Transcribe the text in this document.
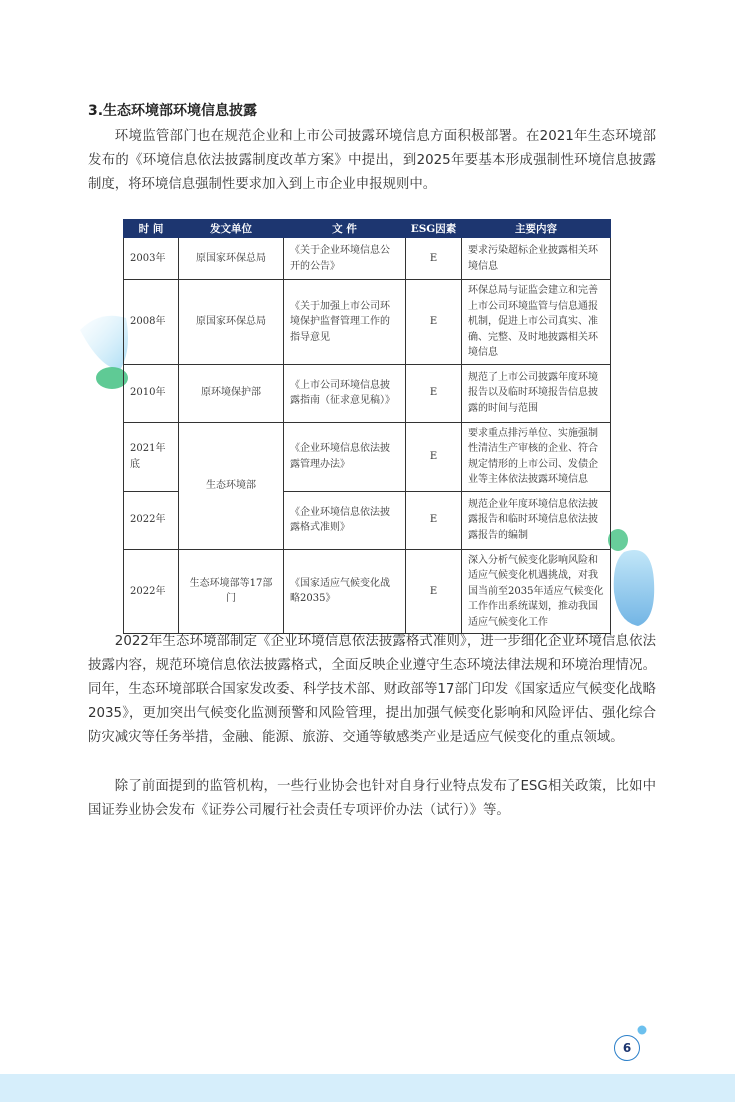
3.生态环境部环境信息披露

环境监管部门也在规范企业和上市公司披露环境信息方面积极部署。在2021年生态环境部发布的《环境信息依法披露制度改革方案》中提出，到2025年要基本形成强制性环境信息披露制度，将环境信息强制性要求加入到上市企业申报规则中。

时 间	发文单位	文 件	ESG因素	主要内容
2003年	原国家环保总局	《关于企业环境信息公开的公告》	E	要求污染超标企业披露相关环境信息
2008年	原国家环保总局	《关于加强上市公司环境保护监督管理工作的指导意见	E	环保总局与证监会建立和完善上市公司环境监管与信息通报机制，促进上市公司真实、准确、完整、及时地披露相关环境信息
2010年	原环境保护部	《上市公司环境信息披露指南（征求意见稿）》	E	规范了上市公司披露年度环境报告以及临时环境报告信息披露的时间与范围
2021年底	生态环境部	《企业环境信息依法披露管理办法》	E	要求重点排污单位、实施强制性清洁生产审核的企业、符合规定情形的上市公司、发债企业等主体依法披露环境信息
2022年		《企业环境信息依法披露格式准则》	E	规范企业年度环境信息依法披露报告和临时环境信息依法披露报告的编制
2022年	生态环境部等17部门	《国家适应气候变化战略2035》	E	深入分析气候变化影响风险和适应气候变化机遇挑战，对我国当前至2035年适应气候变化工作作出系统谋划，推动我国适应气候变化工作

2022年生态环境部制定《企业环境信息依法披露格式准则》，进一步细化企业环境信息依法披露内容，规范环境信息依法披露格式，全面反映企业遵守生态环境法律法规和环境治理情况。同年，生态环境部联合国家发改委、科学技术部、财政部等17部门印发《国家适应气候变化战略2035》，更加突出气候变化监测预警和风险管理，提出加强气候变化影响和风险评估、强化综合防灾减灾等任务举措，金融、能源、旅游、交通等敏感类产业是适应气候变化的重点领域。

除了前面提到的监管机构，一些行业协会也针对自身行业特点发布了ESG相关政策，比如中国证券业协会发布《证券公司履行社会责任专项评价办法（试行）》等。

6
